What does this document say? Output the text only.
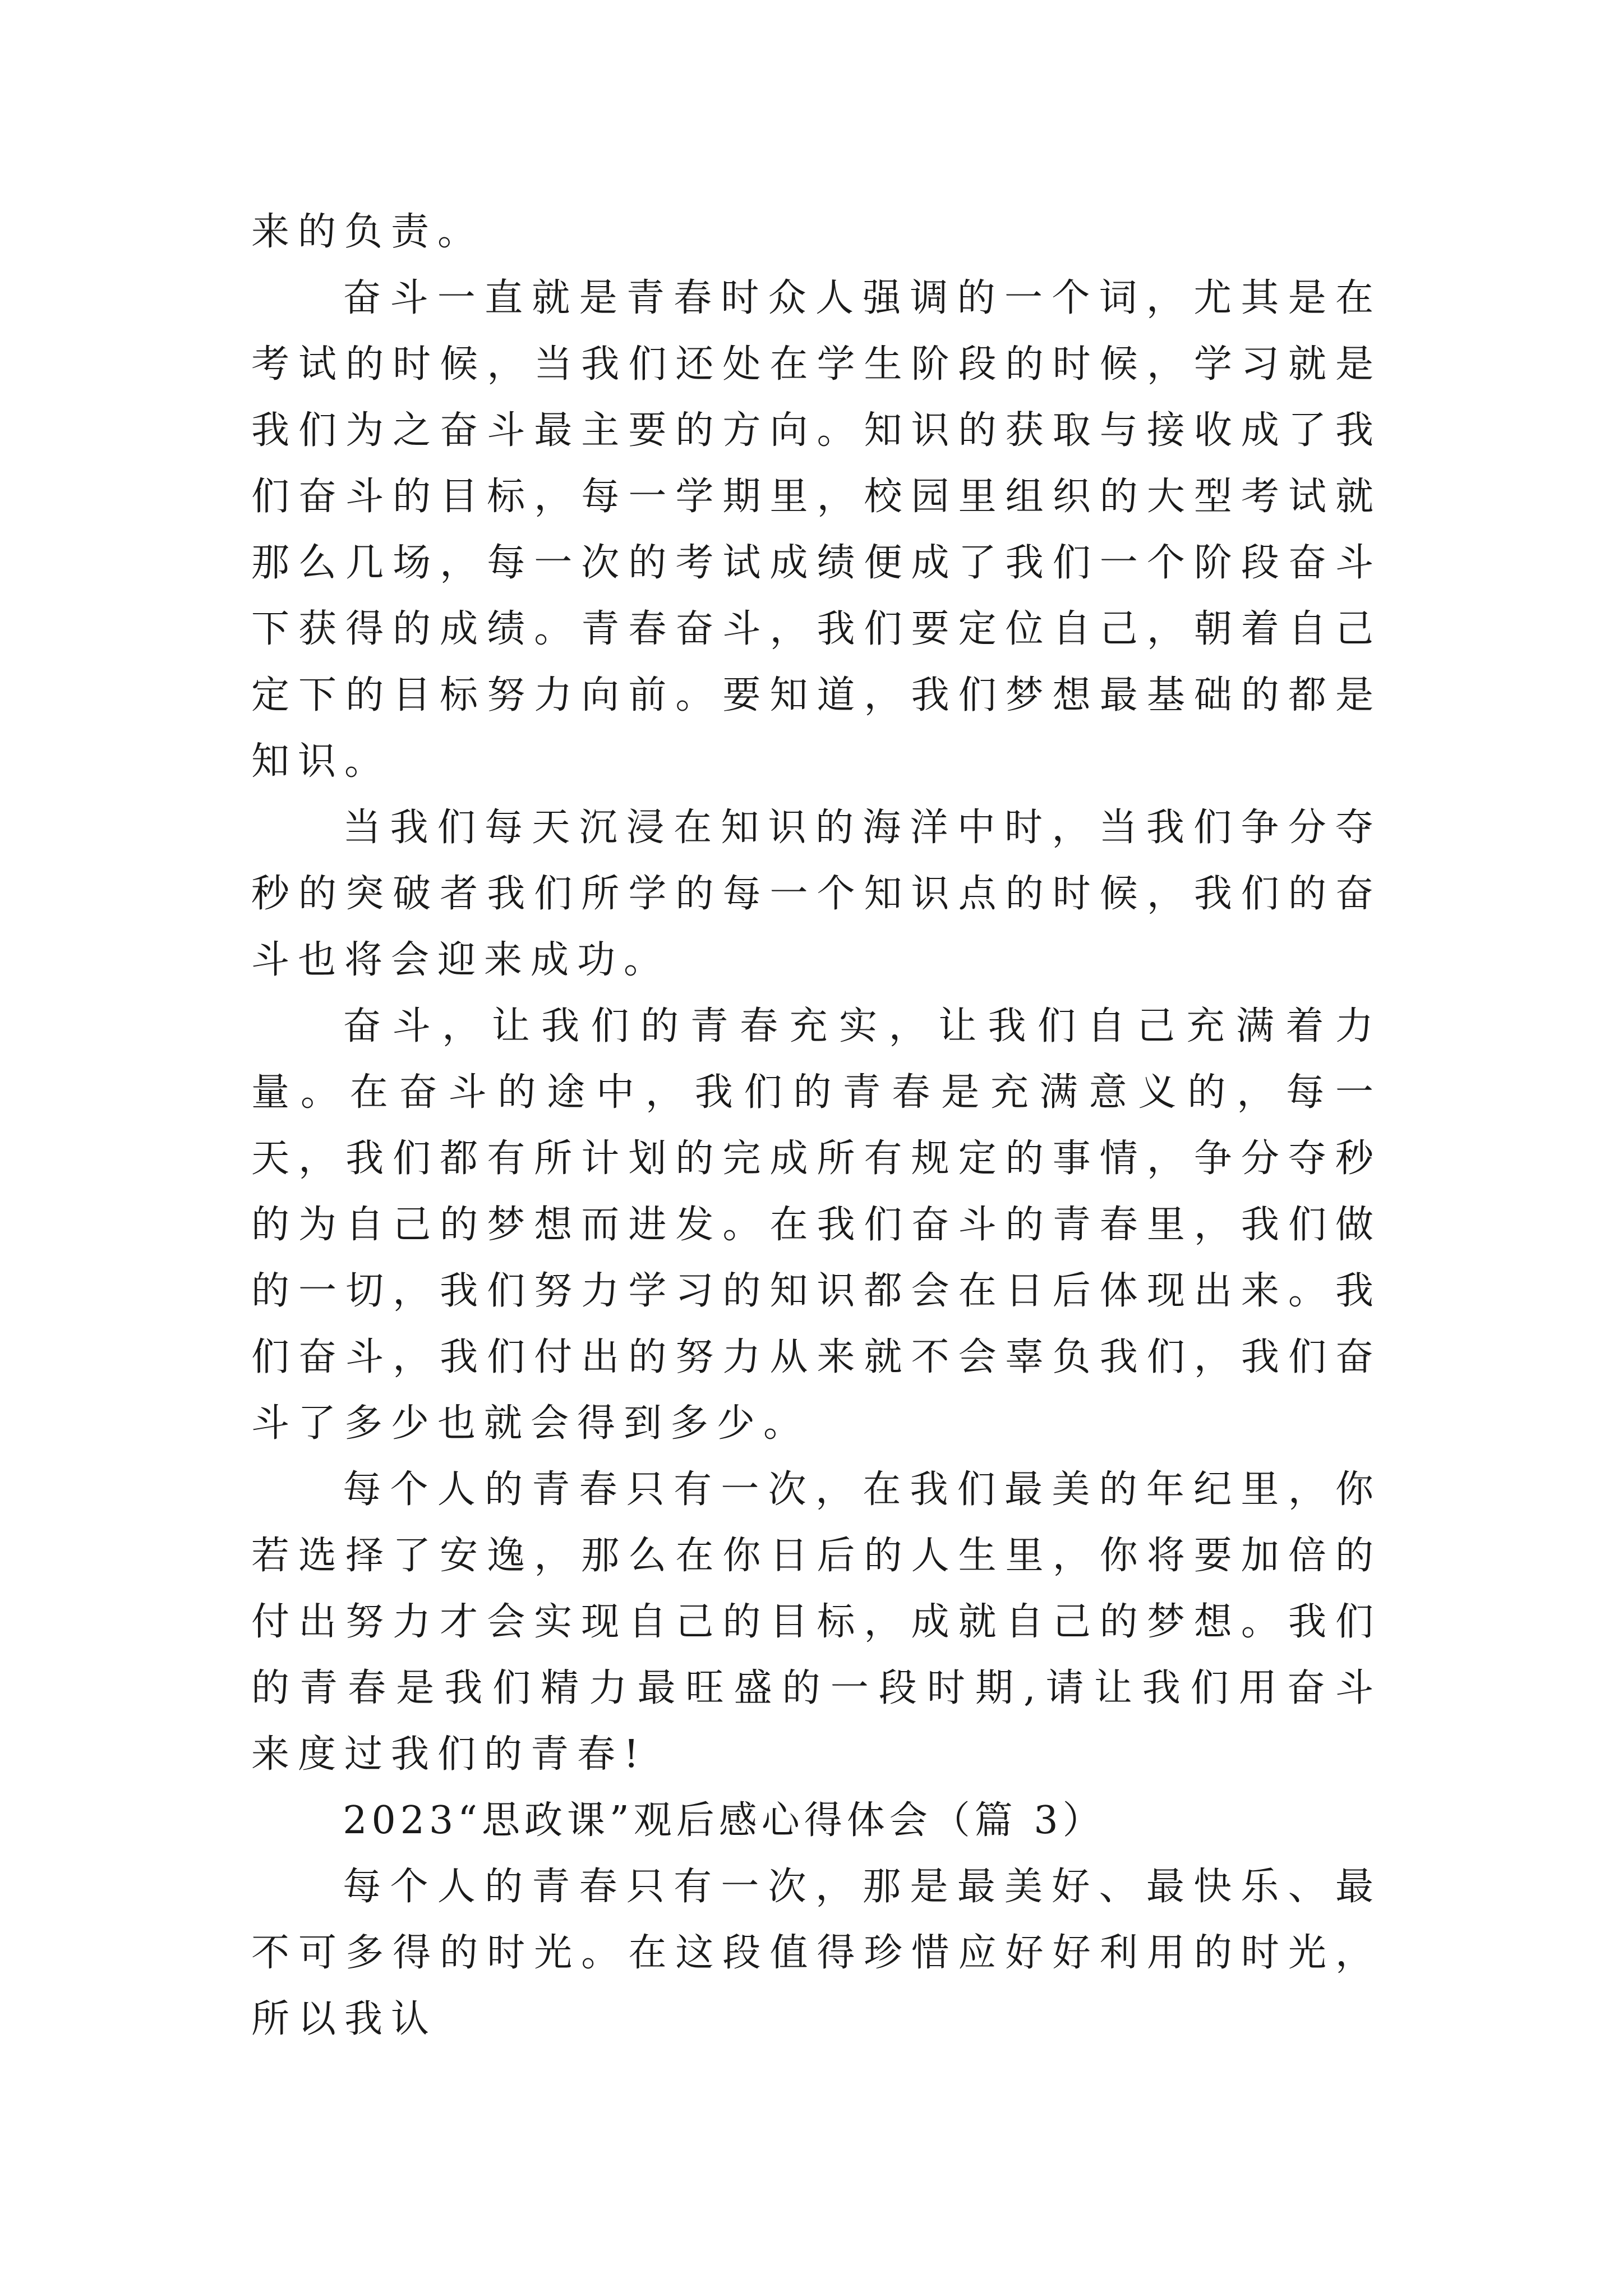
来的负责。

奋斗一直就是青春时众人强调的一个词，尤其是在考试的时候，当我们还处在学生阶段的时候，学习就是我们为之奋斗最主要的方向。知识的获取与接收成了我们奋斗的目标，每一学期里，校园里组织的大型考试就那么几场，每一次的考试成绩便成了我们一个阶段奋斗下获得的成绩。青春奋斗，我们要定位自己，朝着自己定下的目标努力向前。要知道，我们梦想最基础的都是知识。

当我们每天沉浸在知识的海洋中时，当我们争分夺秒的突破者我们所学的每一个知识点的时候，我们的奋斗也将会迎来成功。

奋斗，让我们的青春充实，让我们自己充满着力量。在奋斗的途中，我们的青春是充满意义的，每一天，我们都有所计划的完成所有规定的事情，争分夺秒的为自己的梦想而进发。在我们奋斗的青春里，我们做的一切，我们努力学习的知识都会在日后体现出来。我们奋斗，我们付出的努力从来就不会辜负我们，我们奋斗了多少也就会得到多少。

每个人的青春只有一次，在我们最美的年纪里，你若选择了安逸，那么在你日后的人生里，你将要加倍的付出努力才会实现自己的目标，成就自己的梦想。我们的青春是我们精力最旺盛的一段时期,请让我们用奋斗来度过我们的青春!

2023“思政课”观后感心得体会（篇 3）

每个人的青春只有一次，那是最美好、最快乐、最不可多得的时光。在这段值得珍惜应好好利用的时光，所以我认
